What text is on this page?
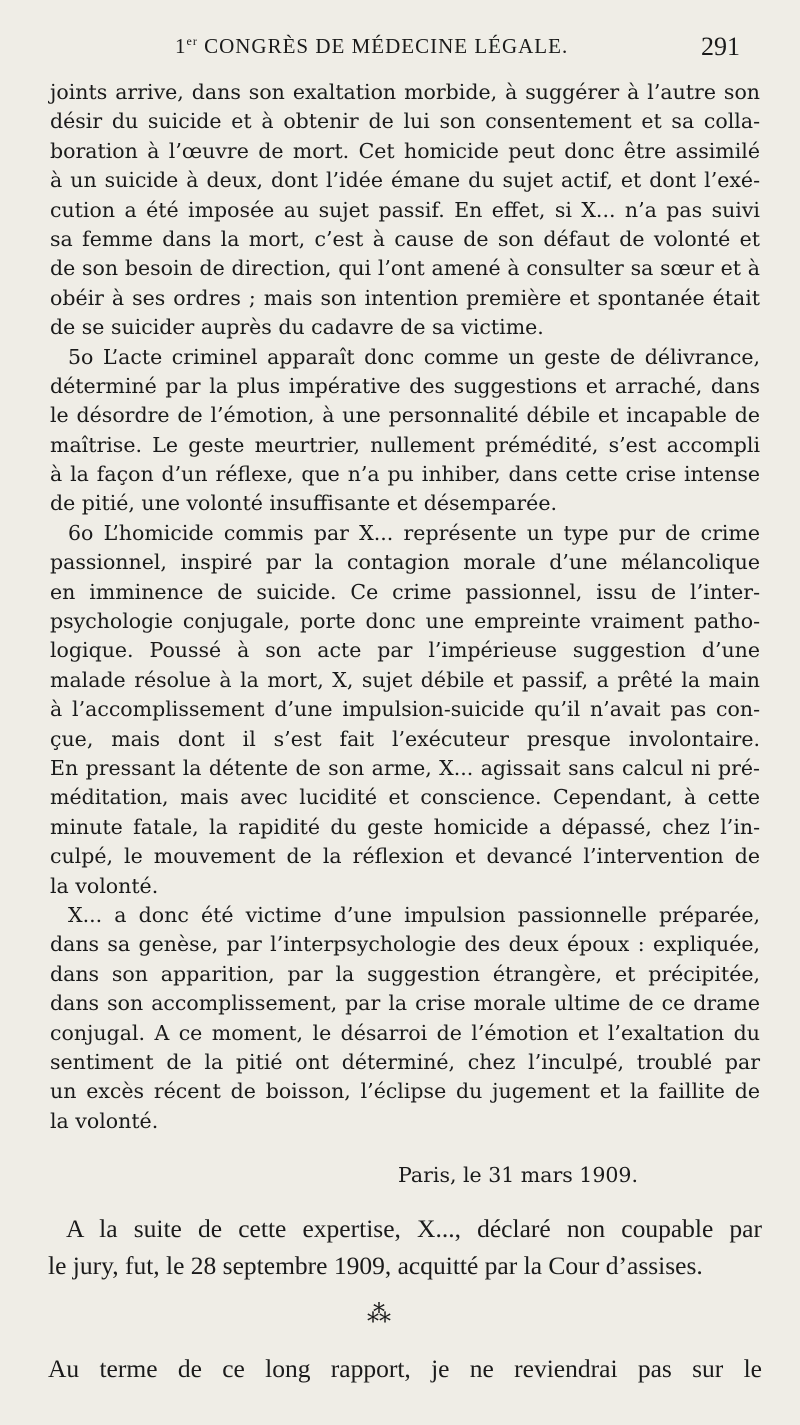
1er CONGRÈS DE MÉDECINE LÉGALE.	291
joints arrive, dans son exaltation morbide, à suggérer à l’autre son
désir du suicide et à obtenir de lui son consentement et sa colla-
boration à l’œuvre de mort. Cet homicide peut donc être assimilé
à un suicide à deux, dont l’idée émane du sujet actif, et dont l’exé-
cution a été imposée au sujet passif. En effet, si X... n’a pas suivi
sa femme dans la mort, c’est à cause de son défaut de volonté et
de son besoin de direction, qui l’ont amené à consulter sa sœur et à
obéir à ses ordres ; mais son intention première et spontanée était
de se suicider auprès du cadavre de sa victime.
5o L’acte criminel apparaît donc comme un geste de délivrance,
déterminé par la plus impérative des suggestions et arraché, dans
le désordre de l’émotion, à une personnalité débile et incapable de
maîtrise. Le geste meurtrier, nullement prémédité, s’est accompli
à la façon d’un réflexe, que n’a pu inhiber, dans cette crise intense
de pitié, une volonté insuffisante et désemparée.
6o L’homicide commis par X... représente un type pur de crime
passionnel, inspiré par la contagion morale d’une mélancolique
en imminence de suicide. Ce crime passionnel, issu de l’inter-
psychologie conjugale, porte donc une empreinte vraiment patho-
logique. Poussé à son acte par l’impérieuse suggestion d’une
malade résolue à la mort, X, sujet débile et passif, a prêté la main
à l’accomplissement d’une impulsion-suicide qu’il n’avait pas con-
çue, mais dont il s’est fait l’exécuteur presque involontaire.
En pressant la détente de son arme, X... agissait sans calcul ni pré-
méditation, mais avec lucidité et conscience. Cependant, à cette
minute fatale, la rapidité du geste homicide a dépassé, chez l’in-
culpé, le mouvement de la réflexion et devancé l’intervention de
la volonté.
X... a donc été victime d’une impulsion passionnelle préparée,
dans sa genèse, par l’interpsychologie des deux époux : expliquée,
dans son apparition, par la suggestion étrangère, et précipitée,
dans son accomplissement, par la crise morale ultime de ce drame
conjugal. A ce moment, le désarroi de l’émotion et l’exaltation du
sentiment de la pitié ont déterminé, chez l’inculpé, troublé par
un excès récent de boisson, l’éclipse du jugement et la faillite de
la volonté.
Paris, le 31 mars 1909.
A la suite de cette expertise, X..., déclaré non coupable par
le jury, fut, le 28 septembre 1909, acquitté par la Cour d’assises.
⁂
Au terme de ce long rapport, je ne reviendrai pas sur le
